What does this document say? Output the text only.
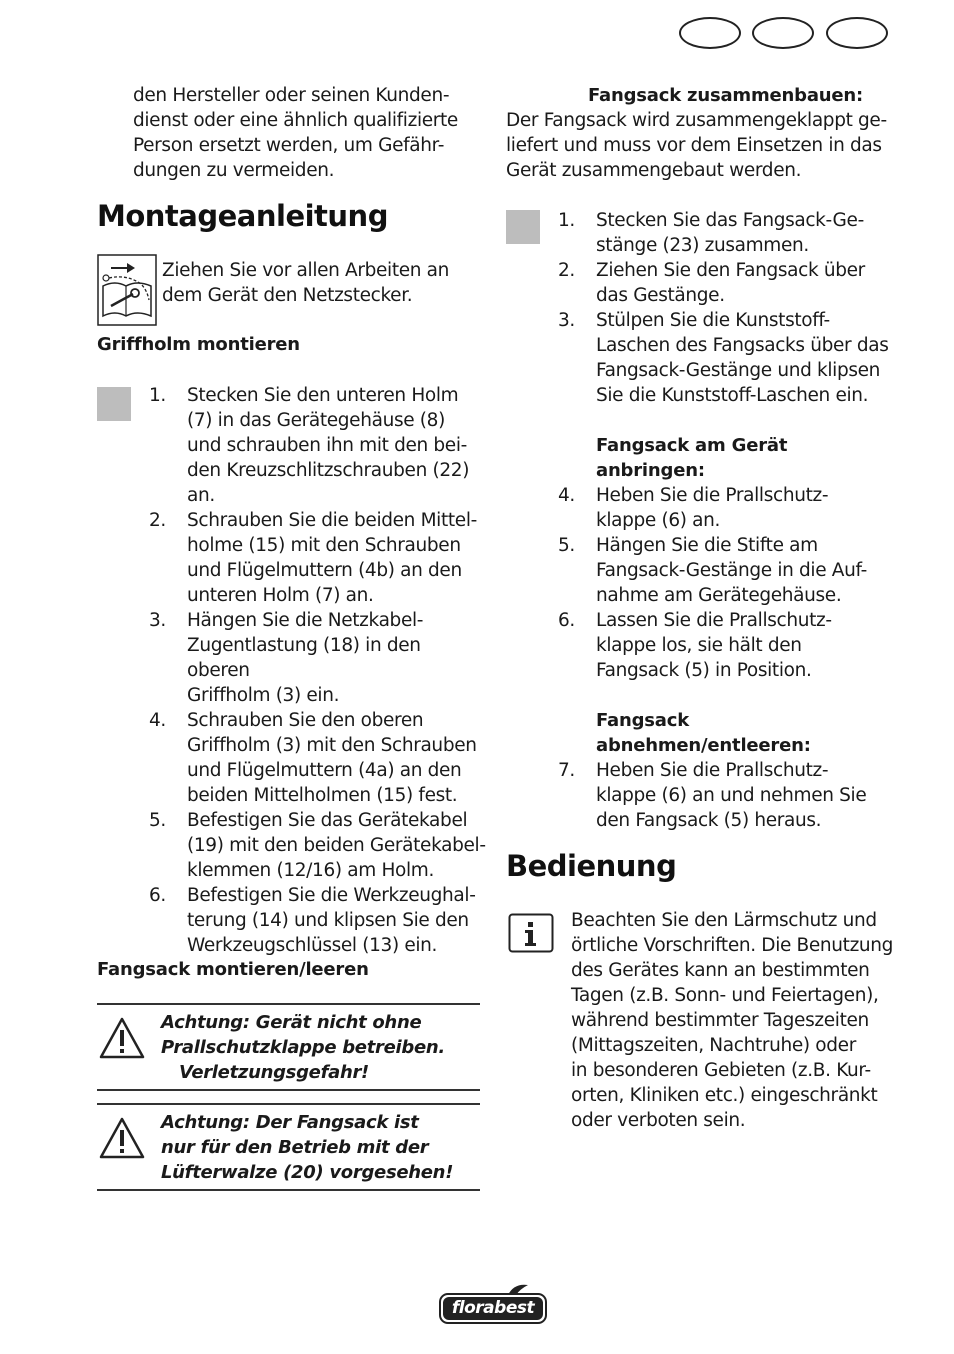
den Hersteller oder seinen Kunden-
dienst oder eine ähnlich qualifizierte
Person ersetzt werden, um Gefähr-
dungen zu vermeiden.
Montageanleitung
Ziehen Sie vor allen Arbeiten an
dem Gerät den Netzstecker.
Griffholm montieren
1.	Stecken Sie den unteren Holm
(7) in das Gerätegehäuse (8)
und schrauben ihn mit den bei-
den Kreuzschlitzschrauben (22)
an.
2.	Schrauben Sie die beiden Mittel-
holme (15) mit den Schrauben
und Flügelmuttern (4b) an den
unteren Holm (7) an.
3.	Hängen Sie die Netzkabel-
Zugentlastung (18) in den oberen
Griffholm (3) ein.
4.	Schrauben Sie den oberen
Griffholm (3) mit den Schrauben
und Flügelmuttern (4a) an den
beiden Mittelholmen (15) fest.
5.	Befestigen Sie das Gerätekabel
(19) mit den beiden Gerätekabel-
klemmen (12/16) am Holm.
6.	Befestigen Sie die Werkzeughal-
terung (14) und klipsen Sie den
Werkzeugschlüssel (13) ein.
Fangsack montieren/leeren
Achtung: Gerät nicht ohne
Prallschutzklappe betreiben.
Verletzungsgefahr!
Achtung: Der Fangsack ist
nur für den Betrieb mit der
Lüfterwalze (20) vorgesehen!
Fangsack zusammenbauen:
Der Fangsack wird zusammengeklappt ge-
liefert und muss vor dem Einsetzen in das
Gerät zusammengebaut werden.
1.	Stecken Sie das Fangsack-Ge-
stänge (23) zusammen.
2.	Ziehen Sie den Fangsack über
das Gestänge.
3.	Stülpen Sie die Kunststoff-
Laschen des Fangsacks über das
Fangsack-Gestänge und klipsen
Sie die Kunststoff-Laschen ein.
Fangsack am Gerät
anbringen:
4.	Heben Sie die Prallschutz-
klappe (6) an.
5.	Hängen Sie die Stifte am
Fangsack-Gestänge in die Auf-
nahme am Gerätegehäuse.
6.	Lassen Sie die Prallschutz-
klappe los, sie hält den
Fangsack (5) in Position.
Fangsack
abnehmen/entleeren:
7.	Heben Sie die Prallschutz-
klappe (6) an und nehmen Sie
den Fangsack (5) heraus.
Bedienung
Beachten Sie den Lärmschutz und
örtliche Vorschriften. Die Benutzung
des Gerätes kann an bestimmten
Tagen (z.B. Sonn- und Feiertagen),
während bestimmter Tageszeiten
(Mittagszeiten, Nachtruhe) oder
in besonderen Gebieten (z.B. Kur-
orten, Kliniken etc.) eingeschränkt
oder verboten sein.
florabest
